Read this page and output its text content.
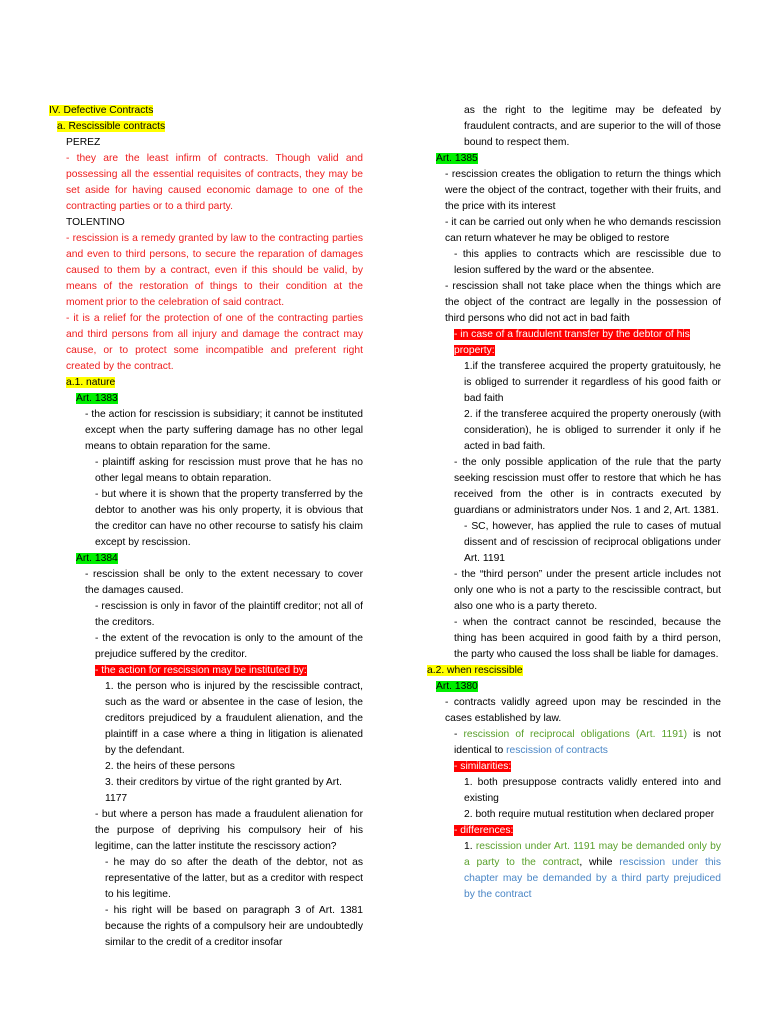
IV. Defective Contracts
a. Rescissible contracts
PEREZ
- they are the least infirm of contracts. Though valid and possessing all the essential requisites of contracts, they may be set aside for having caused economic damage to one of the contracting parties or to a third party.
TOLENTINO
- rescission is a remedy granted by law to the contracting parties and even to third persons, to secure the reparation of damages caused to them by a contract, even if this should be valid, by means of the restoration of things to their condition at the moment prior to the celebration of said contract.
- it is a relief for the protection of one of the contracting parties and third persons from all injury and damage the contract may cause, or to protect some incompatible and preferent right created by the contract.
a.1. nature
Art. 1383
- the action for rescission is subsidiary; it cannot be instituted except when the party suffering damage has no other legal means to obtain reparation for the same.
- plaintiff asking for rescission must prove that he has no other legal means to obtain reparation.
- but where it is shown that the property transferred by the debtor to another was his only property, it is obvious that the creditor can have no other recourse to satisfy his claim except by rescission.
Art. 1384
- rescission shall be only to the extent necessary to cover the damages caused.
- rescission is only in favor of the plaintiff creditor; not all of the creditors.
- the extent of the revocation is only to the amount of the prejudice suffered by the creditor.
- the action for rescission may be instituted by:
1. the person who is injured by the rescissible contract, such as the ward or absentee in the case of lesion, the creditors prejudiced by a fraudulent alienation, and the plaintiff in a case where a thing in litigation is alienated by the defendant.
2. the heirs of these persons
3. their creditors by virtue of the right granted by Art. 1177
- but where a person has made a fraudulent alienation for the purpose of depriving his compulsory heir of his legitime, can the latter institute the rescissory action?
- he may do so after the death of the debtor, not as representative of the latter, but as a creditor with respect to his legitime.
- his right will be based on paragraph 3 of Art. 1381 because the rights of a compulsory heir are undoubtedly similar to the credit of a creditor insofar
as the right to the legitime may be defeated by fraudulent contracts, and are superior to the will of those bound to respect them.
Art. 1385
- rescission creates the obligation to return the things which were the object of the contract, together with their fruits, and the price with its interest
- it can be carried out only when he who demands rescission can return whatever he may be obliged to restore
- this applies to contracts which are rescissible due to lesion suffered by the ward or the absentee.
- rescission shall not take place when the things which are the object of the contract are legally in the possession of third persons who did not act in bad faith
- in case of a fraudulent transfer by the debtor of his property:
1.if the transferee acquired the property gratuitously, he is obliged to surrender it regardless of his good faith or bad faith
2. if the transferee acquired the property onerously (with consideration), he is obliged to surrender it only if he acted in bad faith.
- the only possible application of the rule that the party seeking rescission must offer to restore that which he has received from the other is in contracts executed by guardians or administrators under Nos. 1 and 2, Art. 1381.
- SC, however, has applied the rule to cases of mutual dissent and of rescission of reciprocal obligations under Art. 1191
- the “third person” under the present article includes not only one who is not a party to the rescissible contract, but also one who is a party thereto.
- when the contract cannot be rescinded, because the thing has been acquired in good faith by a third person, the party who caused the loss shall be liable for damages.
a.2. when rescissible
Art. 1380
- contracts validly agreed upon may be rescinded in the cases established by law.
- rescission of reciprocal obligations (Art. 1191) is not identical to rescission of contracts
- similarities:
1. both presuppose contracts validly entered into and existing
2. both require mutual restitution when declared proper
- differences:
1. rescission under Art. 1191 may be demanded only by a party to the contract, while rescission under this chapter may be demanded by a third party prejudiced by the contract
